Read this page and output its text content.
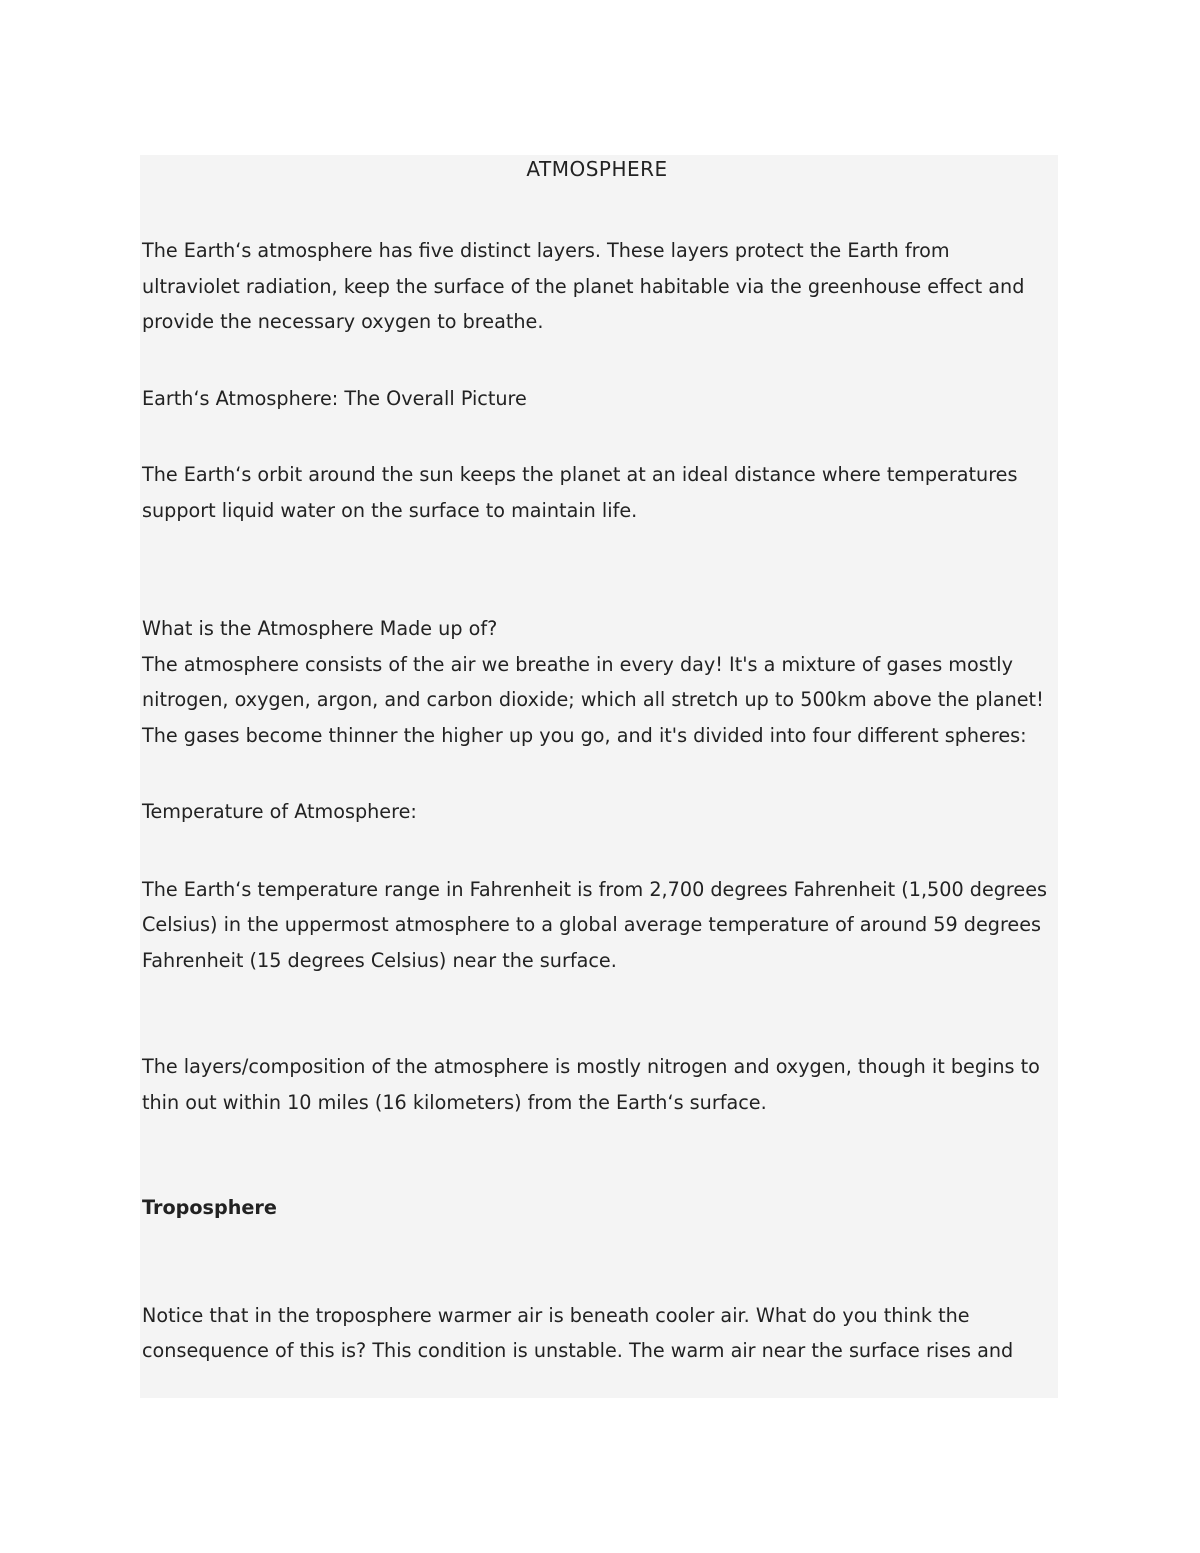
ATMOSPHERE

The Earth‘s atmosphere has five distinct layers. These layers protect the Earth from ultraviolet radiation, keep the surface of the planet habitable via the greenhouse effect and provide the necessary oxygen to breathe.

Earth‘s Atmosphere: The Overall Picture

The Earth‘s orbit around the sun keeps the planet at an ideal distance where temperatures support liquid water on the surface to maintain life.

What is the Atmosphere Made up of?

The atmosphere consists of the air we breathe in every day! It's a mixture of gases mostly nitrogen, oxygen, argon, and carbon dioxide; which all stretch up to 500km above the planet! The gases become thinner the higher up you go, and it's divided into four different spheres:

Temperature of Atmosphere:

The Earth‘s temperature range in Fahrenheit is from 2,700 degrees Fahrenheit (1,500 degrees Celsius) in the uppermost atmosphere to a global average temperature of around 59 degrees Fahrenheit (15 degrees Celsius) near the surface.

The layers/composition of the atmosphere is mostly nitrogen and oxygen, though it begins to thin out within 10 miles (16 kilometers) from the Earth‘s surface.

Troposphere

Notice that in the troposphere warmer air is beneath cooler air. What do you think the consequence of this is? This condition is unstable. The warm air near the surface rises and
